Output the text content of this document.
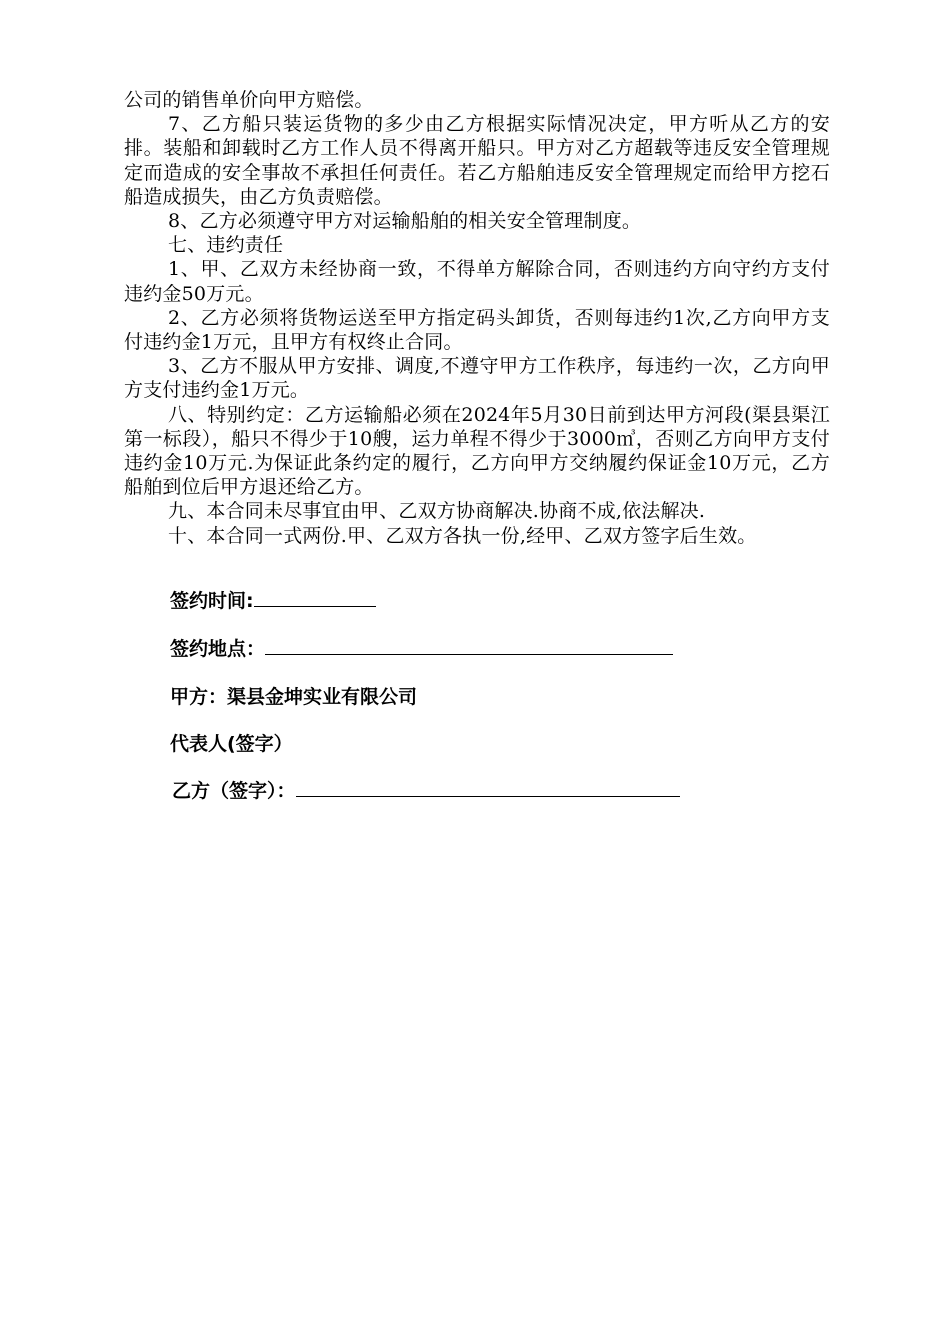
公司的销售单价向甲方赔偿。

7、乙方船只装运货物的多少由乙方根据实际情况决定，甲方听从乙方的安排。装船和卸载时乙方工作人员不得离开船只。甲方对乙方超载等违反安全管理规定而造成的安全事故不承担任何责任。若乙方船舶违反安全管理规定而给甲方挖石船造成损失，由乙方负责赔偿。

8、乙方必须遵守甲方对运输船舶的相关安全管理制度。

七、违约责任

1、甲、乙双方未经协商一致，不得单方解除合同，否则违约方向守约方支付违约金50万元。

2、乙方必须将货物运送至甲方指定码头卸货，否则每违约1次,乙方向甲方支付违约金1万元，且甲方有权终止合同。

3、乙方不服从甲方安排、调度,不遵守甲方工作秩序，每违约一次，乙方向甲方支付违约金1万元。

八、特别约定：乙方运输船必须在2024年5月30日前到达甲方河段(渠县渠江第一标段），船只不得少于10艘，运力单程不得少于3000㎥，否则乙方向甲方支付违约金10万元.为保证此条约定的履行，乙方向甲方交纳履约保证金10万元，乙方船舶到位后甲方退还给乙方。

九、本合同未尽事宜由甲、乙双方协商解决.协商不成,依法解决.

十、本合同一式两份.甲、乙双方各执一份,经甲、乙双方签字后生效。

签约时间:
签约地点：
甲方：渠县金坤实业有限公司
代表人(签字）
乙方（签字）：
